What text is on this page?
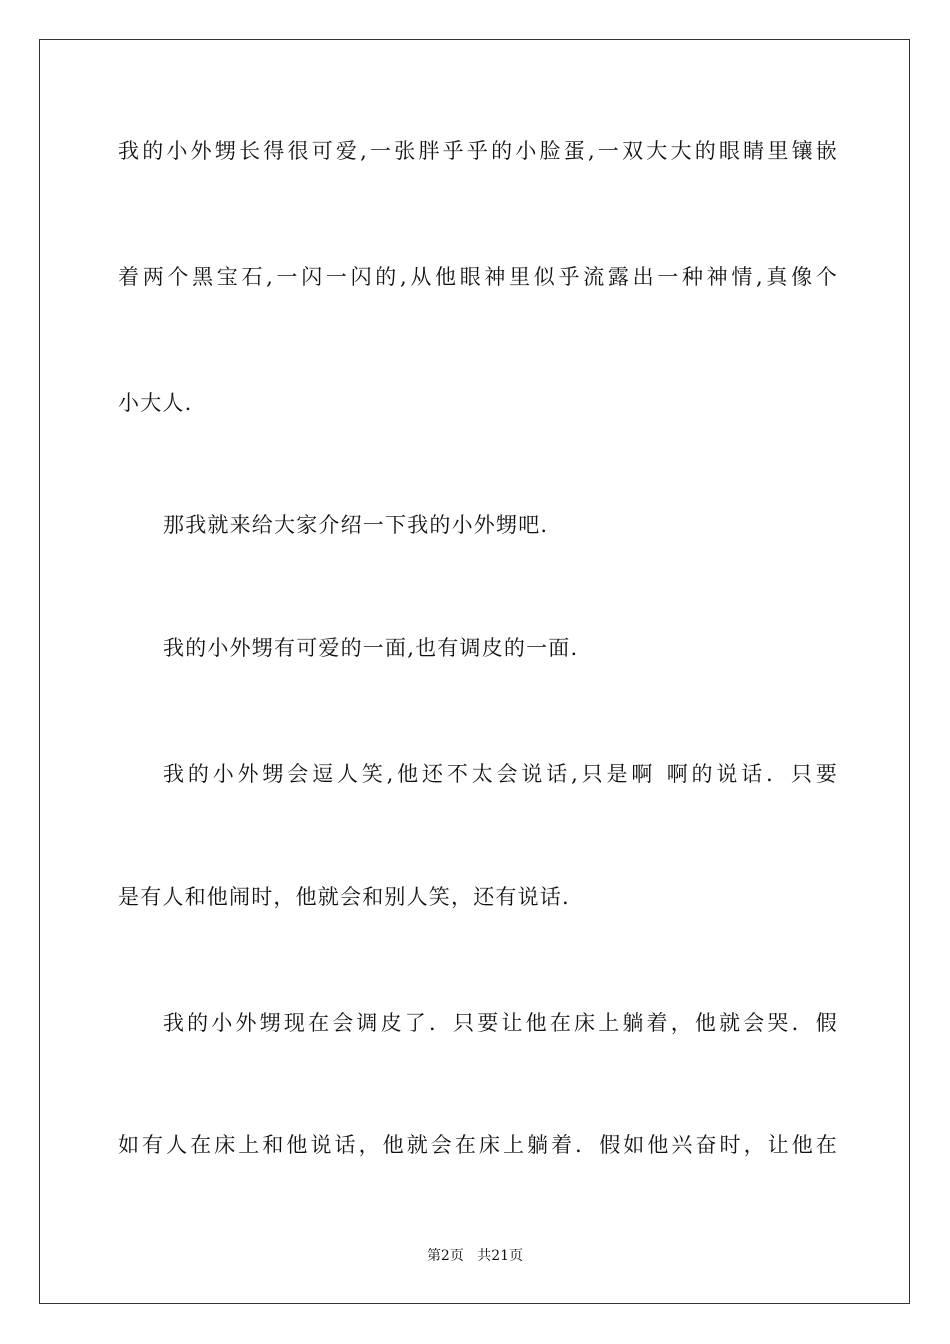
我的小外甥长得很可爱,一张胖乎乎的小脸蛋,一双大大的眼睛里镶嵌
着两个黑宝石,一闪一闪的,从他眼神里似乎流露出一种神情,真像个
小大人.
那我就来给大家介绍一下我的小外甥吧.
我的小外甥有可爱的一面,也有调皮的一面.
我的小外甥会逗人笑,他还不太会说话,只是啊 啊的说话．只要
是有人和他闹时，他就会和别人笑，还有说话.
我的小外甥现在会调皮了．只要让他在床上躺着，他就会哭．假
如有人在床上和他说话，他就会在床上躺着．假如他兴奋时，让他在
第2页 共21页
